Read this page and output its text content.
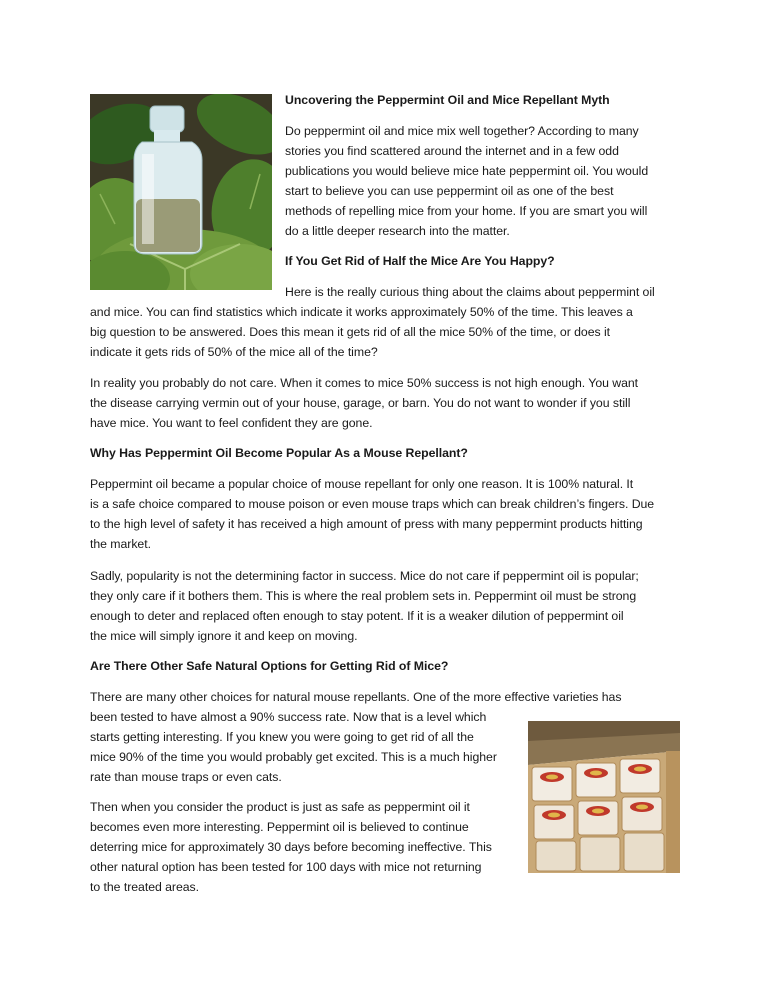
Uncovering the Peppermint Oil and Mice Repellant Myth
Do peppermint oil and mice mix well together? According to many
stories you find scattered around the internet and in a few odd
publications you would believe mice hate peppermint oil. You would
start to believe you can use peppermint oil as one of the best
methods of repelling mice from your home. If you are smart you will
do a little deeper research into the matter.
If You Get Rid of Half the Mice Are You Happy?
Here is the really curious thing about the claims about peppermint oil
and mice. You can find statistics which indicate it works approximately 50% of the time. This leaves a
big question to be answered. Does this mean it gets rid of all the mice 50% of the time, or does it
indicate it gets rids of 50% of the mice all of the time?
In reality you probably do not care. When it comes to mice 50% success is not high enough. You want
the disease carrying vermin out of your house, garage, or barn. You do not want to wonder if you still
have mice. You want to feel confident they are gone.
Why Has Peppermint Oil Become Popular As a Mouse Repellant?
Peppermint oil became a popular choice of mouse repellant for only one reason. It is 100% natural. It
is a safe choice compared to mouse poison or even mouse traps which can break children’s fingers. Due
to the high level of safety it has received a high amount of press with many peppermint products hitting
the market.
Sadly, popularity is not the determining factor in success. Mice do not care if peppermint oil is popular;
they only care if it bothers them. This is where the real problem sets in. Peppermint oil must be strong
enough to deter and replaced often enough to stay potent. If it is a weaker dilution of peppermint oil
the mice will simply ignore it and keep on moving.
Are There Other Safe Natural Options for Getting Rid of Mice?
There are many other choices for natural mouse repellants. One of the more effective varieties has
been tested to have almost a 90% success rate. Now that is a level which
starts getting interesting. If you knew you were going to get rid of all the
mice 90% of the time you would probably get excited. This is a much higher
rate than mouse traps or even cats.
Then when you consider the product is just as safe as peppermint oil it
becomes even more interesting. Peppermint oil is believed to continue
deterring mice for approximately 30 days before becoming ineffective. This
other natural option has been tested for 100 days with mice not returning
to the treated areas.
